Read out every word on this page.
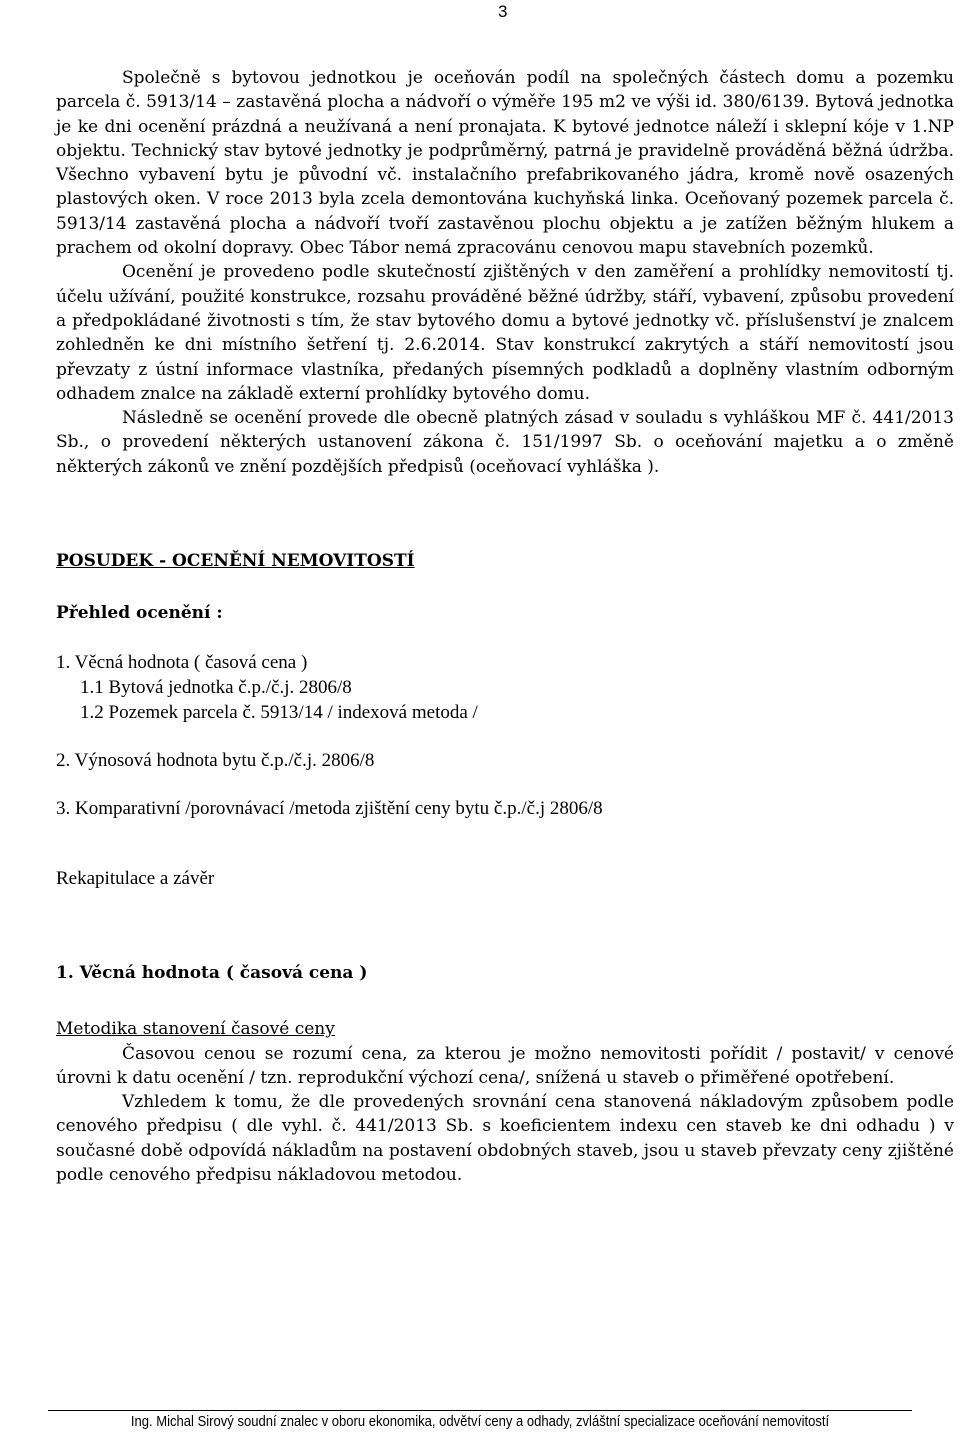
3

Společně s bytovou jednotkou je oceňován podíl na společných částech domu a pozemku parcela č. 5913/14 – zastavěná plocha a nádvoří o výměře 195 m2 ve výši id. 380/6139. Bytová jednotka je ke dni ocenění prázdná a neužívaná a není pronajata. K bytové jednotce náleží i sklepní kóje v 1.NP objektu. Technický stav bytové jednotky je podprůměrný, patrná je pravidelně prováděná běžná údržba. Všechno vybavení bytu je původní vč. instalačního prefabrikovaného jádra, kromě nově osazených plastových oken. V roce 2013 byla zcela demontována kuchyňská linka. Oceňovaný pozemek parcela č. 5913/14 zastavěná plocha a nádvoří tvoří zastavěnou plochu objektu a je zatížen běžným hlukem a prachem od okolní dopravy. Obec Tábor nemá zpracovánu cenovou mapu stavebních pozemků.

Ocenění je provedeno podle skutečností zjištěných v den zaměření a prohlídky nemovitostí tj. účelu užívání, použité konstrukce, rozsahu prováděné běžné údržby, stáří, vybavení, způsobu provedení a předpokládané životnosti s tím, že stav bytového domu a bytové jednotky vč. příslušenství je znalcem zohledněn ke dni místního šetření tj. 2.6.2014. Stav konstrukcí zakrytých a stáří nemovitostí jsou převzaty z ústní informace vlastníka, předaných písemných podkladů a doplněny vlastním odborným odhadem znalce na základě externí prohlídky bytového domu.

Následně se ocenění provede dle obecně platných zásad v souladu s vyhláškou MF č. 441/2013 Sb., o provedení některých ustanovení zákona č. 151/1997 Sb. o oceňování majetku a o změně některých zákonů ve znění pozdějších předpisů (oceňovací vyhláška ).

POSUDEK - OCENĚNÍ NEMOVITOSTÍ

Přehled ocenění :

1. Věcná hodnota ( časová cena )

1.1 Bytová jednotka č.p./č.j. 2806/8

1.2 Pozemek parcela č. 5913/14 / indexová metoda /

2. Výnosová hodnota bytu č.p./č.j. 2806/8

3. Komparativní /porovnávací /metoda zjištění ceny bytu č.p./č.j 2806/8

Rekapitulace a závěr

1. Věcná hodnota ( časová cena )

Metodika stanovení časové ceny

Časovou cenou se rozumí cena, za kterou je možno nemovitosti pořídit / postavit/ v cenové úrovni k datu ocenění / tzn. reprodukční výchozí cena/, snížená u staveb o přiměřené opotřebení.

Vzhledem k tomu, že dle provedených srovnání cena stanovená nákladovým způsobem podle cenového předpisu ( dle vyhl. č. 441/2013 Sb. s koeficientem indexu cen staveb ke dni odhadu ) v současné době odpovídá nákladům na postavení obdobných staveb, jsou u staveb převzaty ceny zjištěné podle cenového předpisu nákladovou metodou.

Ing. Michal Sirový soudní znalec v oboru ekonomika, odvětví ceny a odhady, zvláštní specializace oceňování nemovitostí
